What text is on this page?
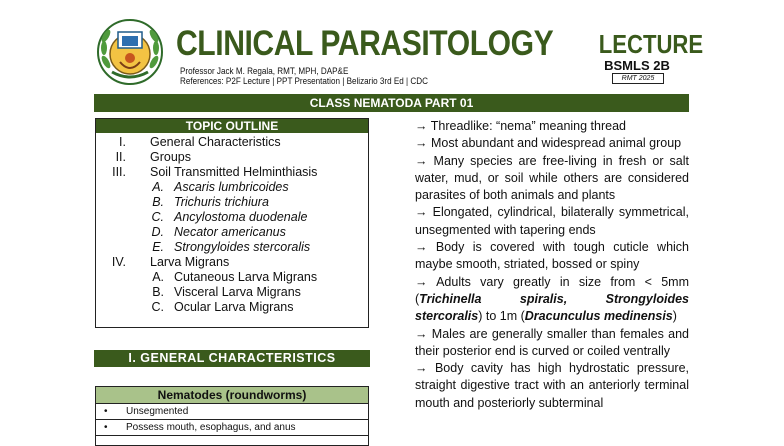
CLINICAL PARASITOLOGY
Professor Jack M. Regala, RMT, MPH, DAP&E
References: P2F Lecture | PPT Presentation | Belizario 3rd Ed | CDC
LECTURE
BSMLS 2B
RMT 2025
CLASS NEMATODA PART 01
TOPIC OUTLINE
I. General Characteristics
II. Groups
III. Soil Transmitted Helminthiasis
A. Ascaris lumbricoides
B. Trichuris trichiura
C. Ancylostoma duodenale
D. Necator americanus
E. Strongyloides stercoralis
IV. Larva Migrans
A. Cutaneous Larva Migrans
B. Visceral Larva Migrans
C. Ocular Larva Migrans
I. GENERAL CHARACTERISTICS
Nematodes (roundworms)
• Unsegmented
• Possess mouth, esophagus, and anus

→ Threadlike: “nema” meaning thread

→ Most abundant and widespread animal group

→ Many species are free-living in fresh or salt water, mud, or soil while others are considered parasites of both animals and plants

→ Elongated, cylindrical, bilaterally symmetrical, unsegmented with tapering ends

→ Body is covered with tough cuticle which maybe smooth, striated, bossed or spiny

→ Adults vary greatly in size from < 5mm (Trichinella spiralis, Strongyloides stercoralis) to 1m (Dracunculus medinensis)

→ Males are generally smaller than females and their posterior end is curved or coiled ventrally

→ Body cavity has high hydrostatic pressure, straight digestive tract with an anteriorly terminal mouth and posteriorly subterminal
